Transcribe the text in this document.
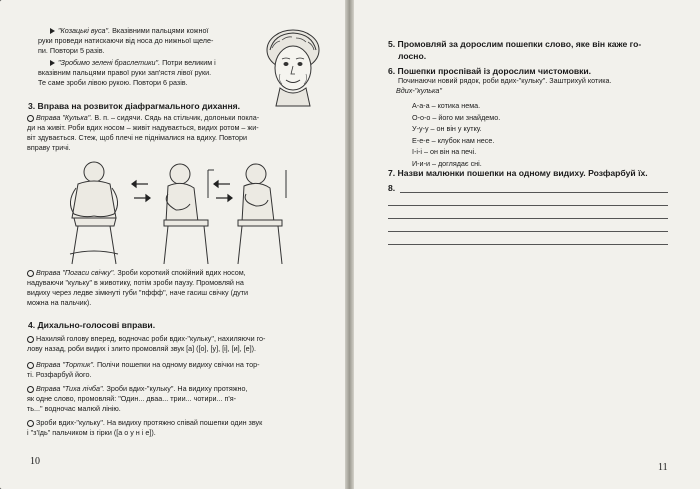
"Козацькі вуса". Вказівними пальцями кожної
руки проведи натискаючи від носа до нижньої щеле-
пи. Повтори 5 разів.
"Зробимо зелені браслетики". Потри великим і
вказівним пальцями правої руки зап'ястя лівої руки.
Те саме зроби лівою рукою. Повтори 6 разів.
3. Вправа на розвиток діафрагмального дихання.
Вправа "Кулька". В. п. – сидячи. Сядь на стільчик, долоньки покла-
ди на живіт. Роби вдих носом – живіт надувається, видих ротом – жи-
віт здувається. Стеж, щоб плечі не піднімалися на вдиху. Повтори
вправу тричі.
Вправа "Погаси свічку". Зроби короткий спокійний вдих носом,
надуваючи "кульку" в животику, потім зроби паузу. Промовляй на
видиху через ледве зімкнуті губи "пффф", наче гасиш свічку (дути
можна на пальчик).
4. Дихально-голосові вправи.
Нахиляй голову вперед, водночас роби вдих-"кульку", нахиляючи го-
лову назад, роби видих і злито промовляй звук [а] ([о], [у], [і], [и], [е]).
Вправа "Тортик". Полічи пошепки на одному видиху свічки на тор-
ті. Розфарбуй його.
Вправа "Тиха лічба". Зроби вдих-"кульку". На видиху протяжно,
як одне слово, промовляй: "Один... дваа... трии... чотири... п'я-
ть..." водночас малюй лінію.
Зроби вдих-"кульку". На видиху протяжно співай пошепки один звук
і "з'їдь" пальчиком із гірки ([а о у н і е]).
10
5. Промовляй за дорослим пошепки слово, яке він каже го-
лосно.
6. Пошепки проспівай із дорослим чистомовки.
Починаючи новий рядок, роби вдих-"кульку". Заштрихуй котика.
Вдих-"кулька"
А-а-а – котика нема.
О-о-о – його ми знайдемо.
У-у-у – он він у кутку.
Е-е-е – клубок нам несе.
І-і-і – он він на печі.
И-и-и – доглядає сні.
7. Назви малюнки пошепки на одному видиху. Розфарбуй їх.
8.
11
